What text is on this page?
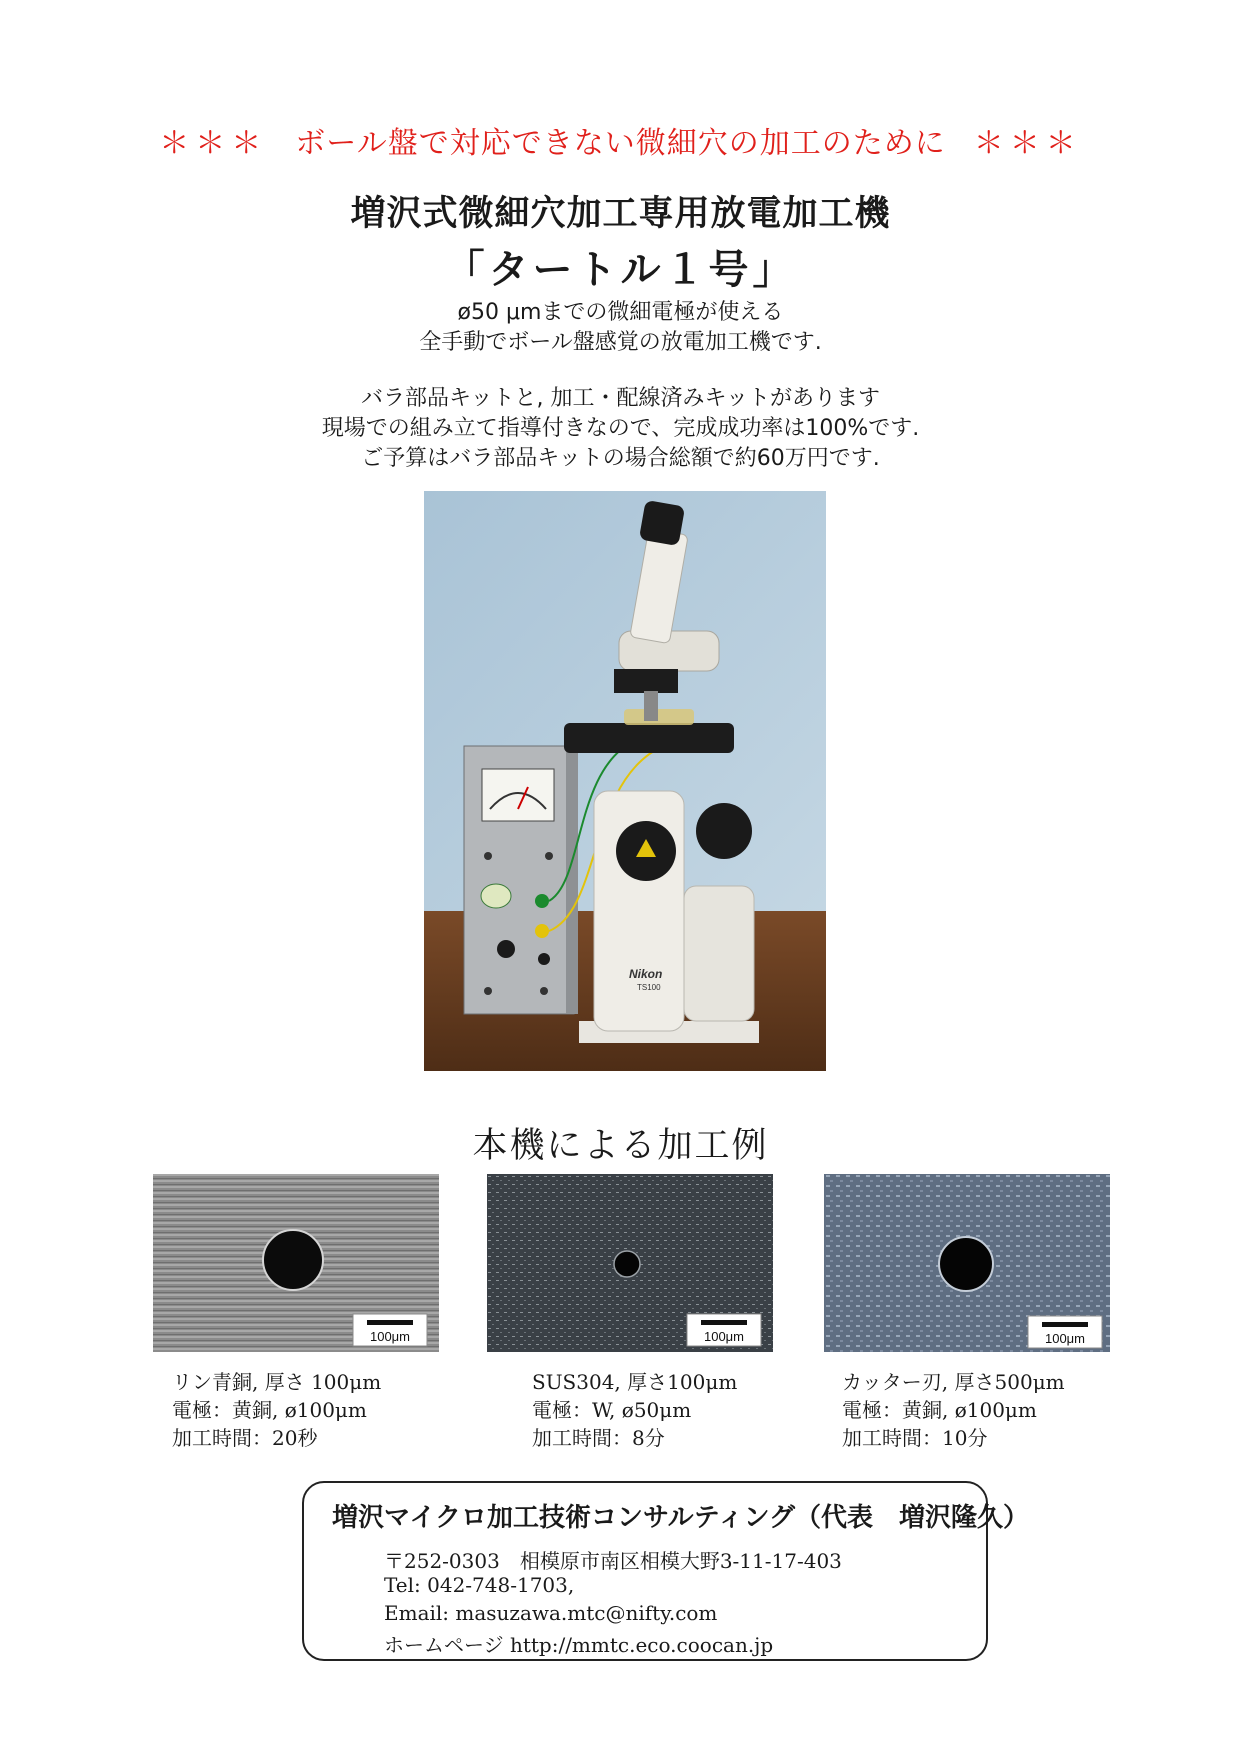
＊＊＊ ボール盤で対応できない微細穴の加工のために ＊＊＊
増沢式微細穴加工専用放電加工機
「タートル１号」
ø50 μmまでの微細電極が使える
全手動でボール盤感覚の放電加工機です.
バラ部品キットと, 加工・配線済みキットがあります
現場での組み立て指導付きなので、完成成功率は100%です.
ご予算はバラ部品キットの場合総額で約60万円です.
Nikon
TS100
本機による加工例
100μm	100μm	100μm
リン青銅, 厚さ 100μm
電極：黄銅, ø100μm
加工時間：20秒
SUS304, 厚さ100μm
電極：W, ø50μm
加工時間：8分
カッター刃, 厚さ500μm
電極：黄銅, ø100μm
加工時間：10分
増沢マイクロ加工技術コンサルティング（代表　増沢隆久）
〒252-0303　相模原市南区相模大野3-11-17-403
Tel: 042-748-1703,
Email: masuzawa.mtc@nifty.com
ホームページ http://mmtc.eco.coocan.jp
